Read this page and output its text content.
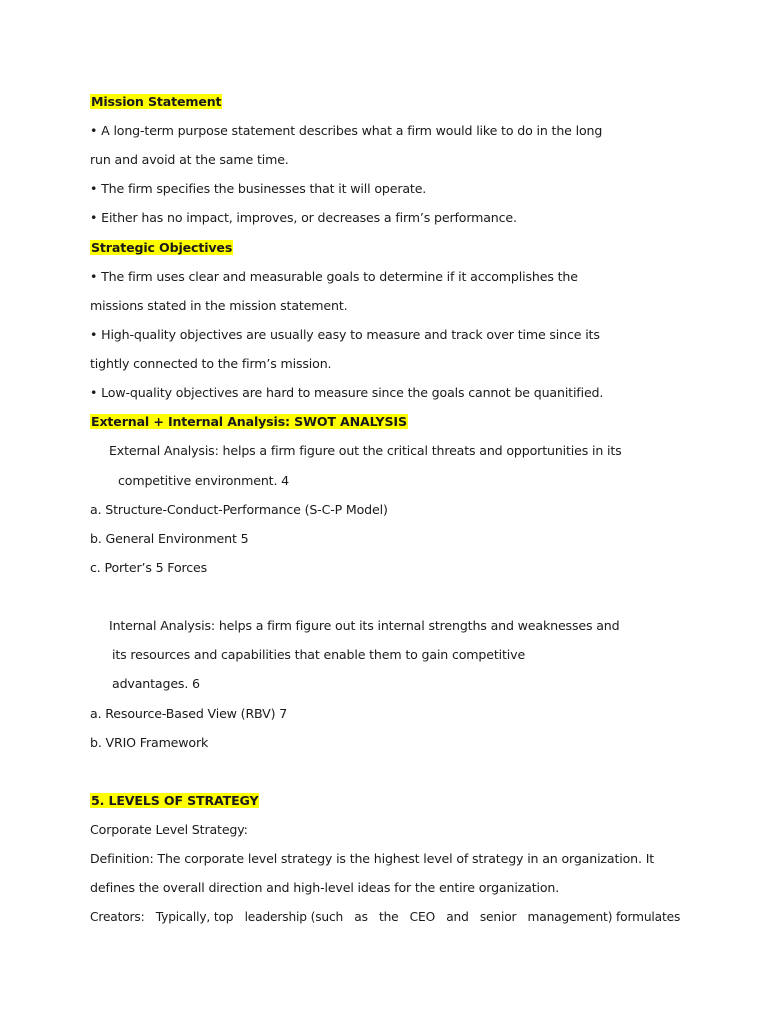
Mission Statement
• A long-term purpose statement describes what a firm would like to do in the long
run and avoid at the same time.
• The firm specifies the businesses that it will operate.
• Either has no impact, improves, or decreases a firm’s performance.
Strategic Objectives
• The firm uses clear and measurable goals to determine if it accomplishes the
missions stated in the mission statement.
• High-quality objectives are usually easy to measure and track over time since its
tightly connected to the firm’s mission.
• Low-quality objectives are hard to measure since the goals cannot be quanitified.
External + Internal Analysis: SWOT ANALYSIS
External Analysis: helps a firm figure out the critical threats and opportunities in its
competitive environment. 4
a. Structure-Conduct-Performance (S-C-P Model)
b. General Environment 5
c. Porter’s 5 Forces
Internal Analysis: helps a firm figure out its internal strengths and weaknesses and
its resources and capabilities that enable them to gain competitive
advantages. 6
a. Resource-Based View (RBV) 7
b. VRIO Framework
5. LEVELS OF STRATEGY
Corporate Level Strategy:
Definition: The corporate level strategy is the highest level of strategy in an organization. It
defines the overall direction and high-level ideas for the entire organization.
Creators:   Typically, top   leadership (such   as   the   CEO   and   senior   management) formulates
